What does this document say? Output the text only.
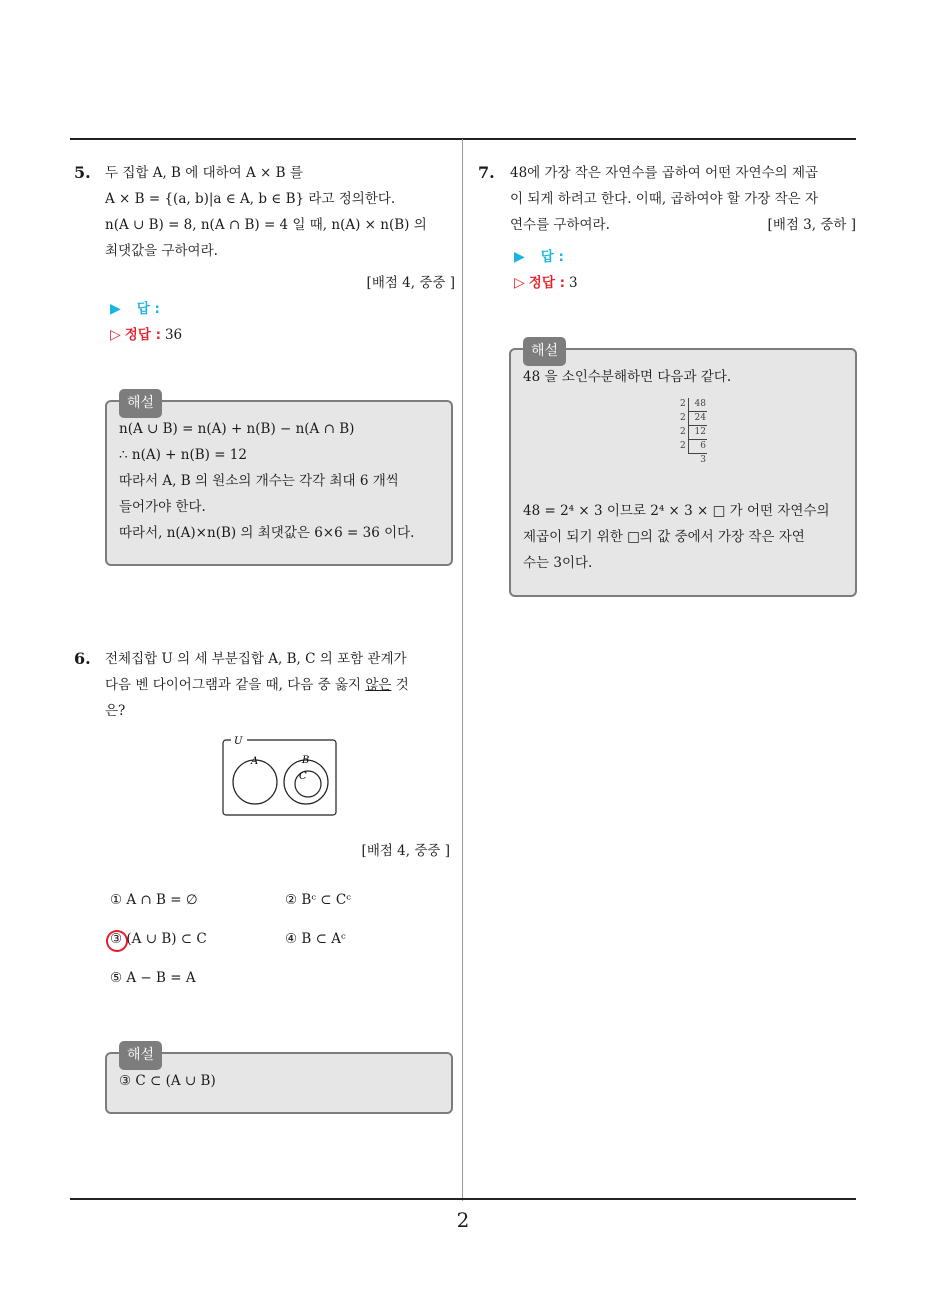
5. 두 집합 A, B 에 대하여 A × B 를
A × B = {(a, b)|a ∈ A, b ∈ B} 라고 정의한다.
n(A ∪ B) = 8, n(A ∩ B) = 4 일 때, n(A) × n(B) 의
최댓값을 구하여라.
[배점 4, 중중 ]
▶ 답 :
▷ 정답 : 36
해설
n(A ∪ B) = n(A) + n(B) − n(A ∩ B)
∴ n(A) + n(B) = 12
따라서 A, B 의 원소의 개수는 각각 최대 6 개씩
들어가야 한다.
따라서, n(A)×n(B) 의 최댓값은 6×6 = 36 이다.
6. 전체집합 U 의 세 부분집합 A, B, C 의 포함 관계가
다음 벤 다이어그램과 같을 때, 다음 중 옳지 않은 것
은?
U
A	B
C
[배점 4, 중중 ]
① A ∩ B = ∅	② Bᶜ ⊂ Cᶜ
③ (A ∪ B) ⊂ C	④ B ⊂ Aᶜ
⑤ A − B = A
해설
③ C ⊂ (A ∪ B)
7. 48에 가장 작은 자연수를 곱하여 어떤 자연수의 제곱
이 되게 하려고 한다. 이때, 곱하여야 할 가장 작은 자
연수를 구하여라.	[배점 3, 중하 ]
▶ 답 :
▷ 정답 : 3
해설
48 을 소인수분해하면 다음과 같다.
2 48
2 24
2 12
2 6
3
48 = 2⁴ × 3 이므로 2⁴ × 3 × □ 가 어떤 자연수의
제곱이 되기 위한 □의 값 중에서 가장 작은 자연
수는 3이다.
2
